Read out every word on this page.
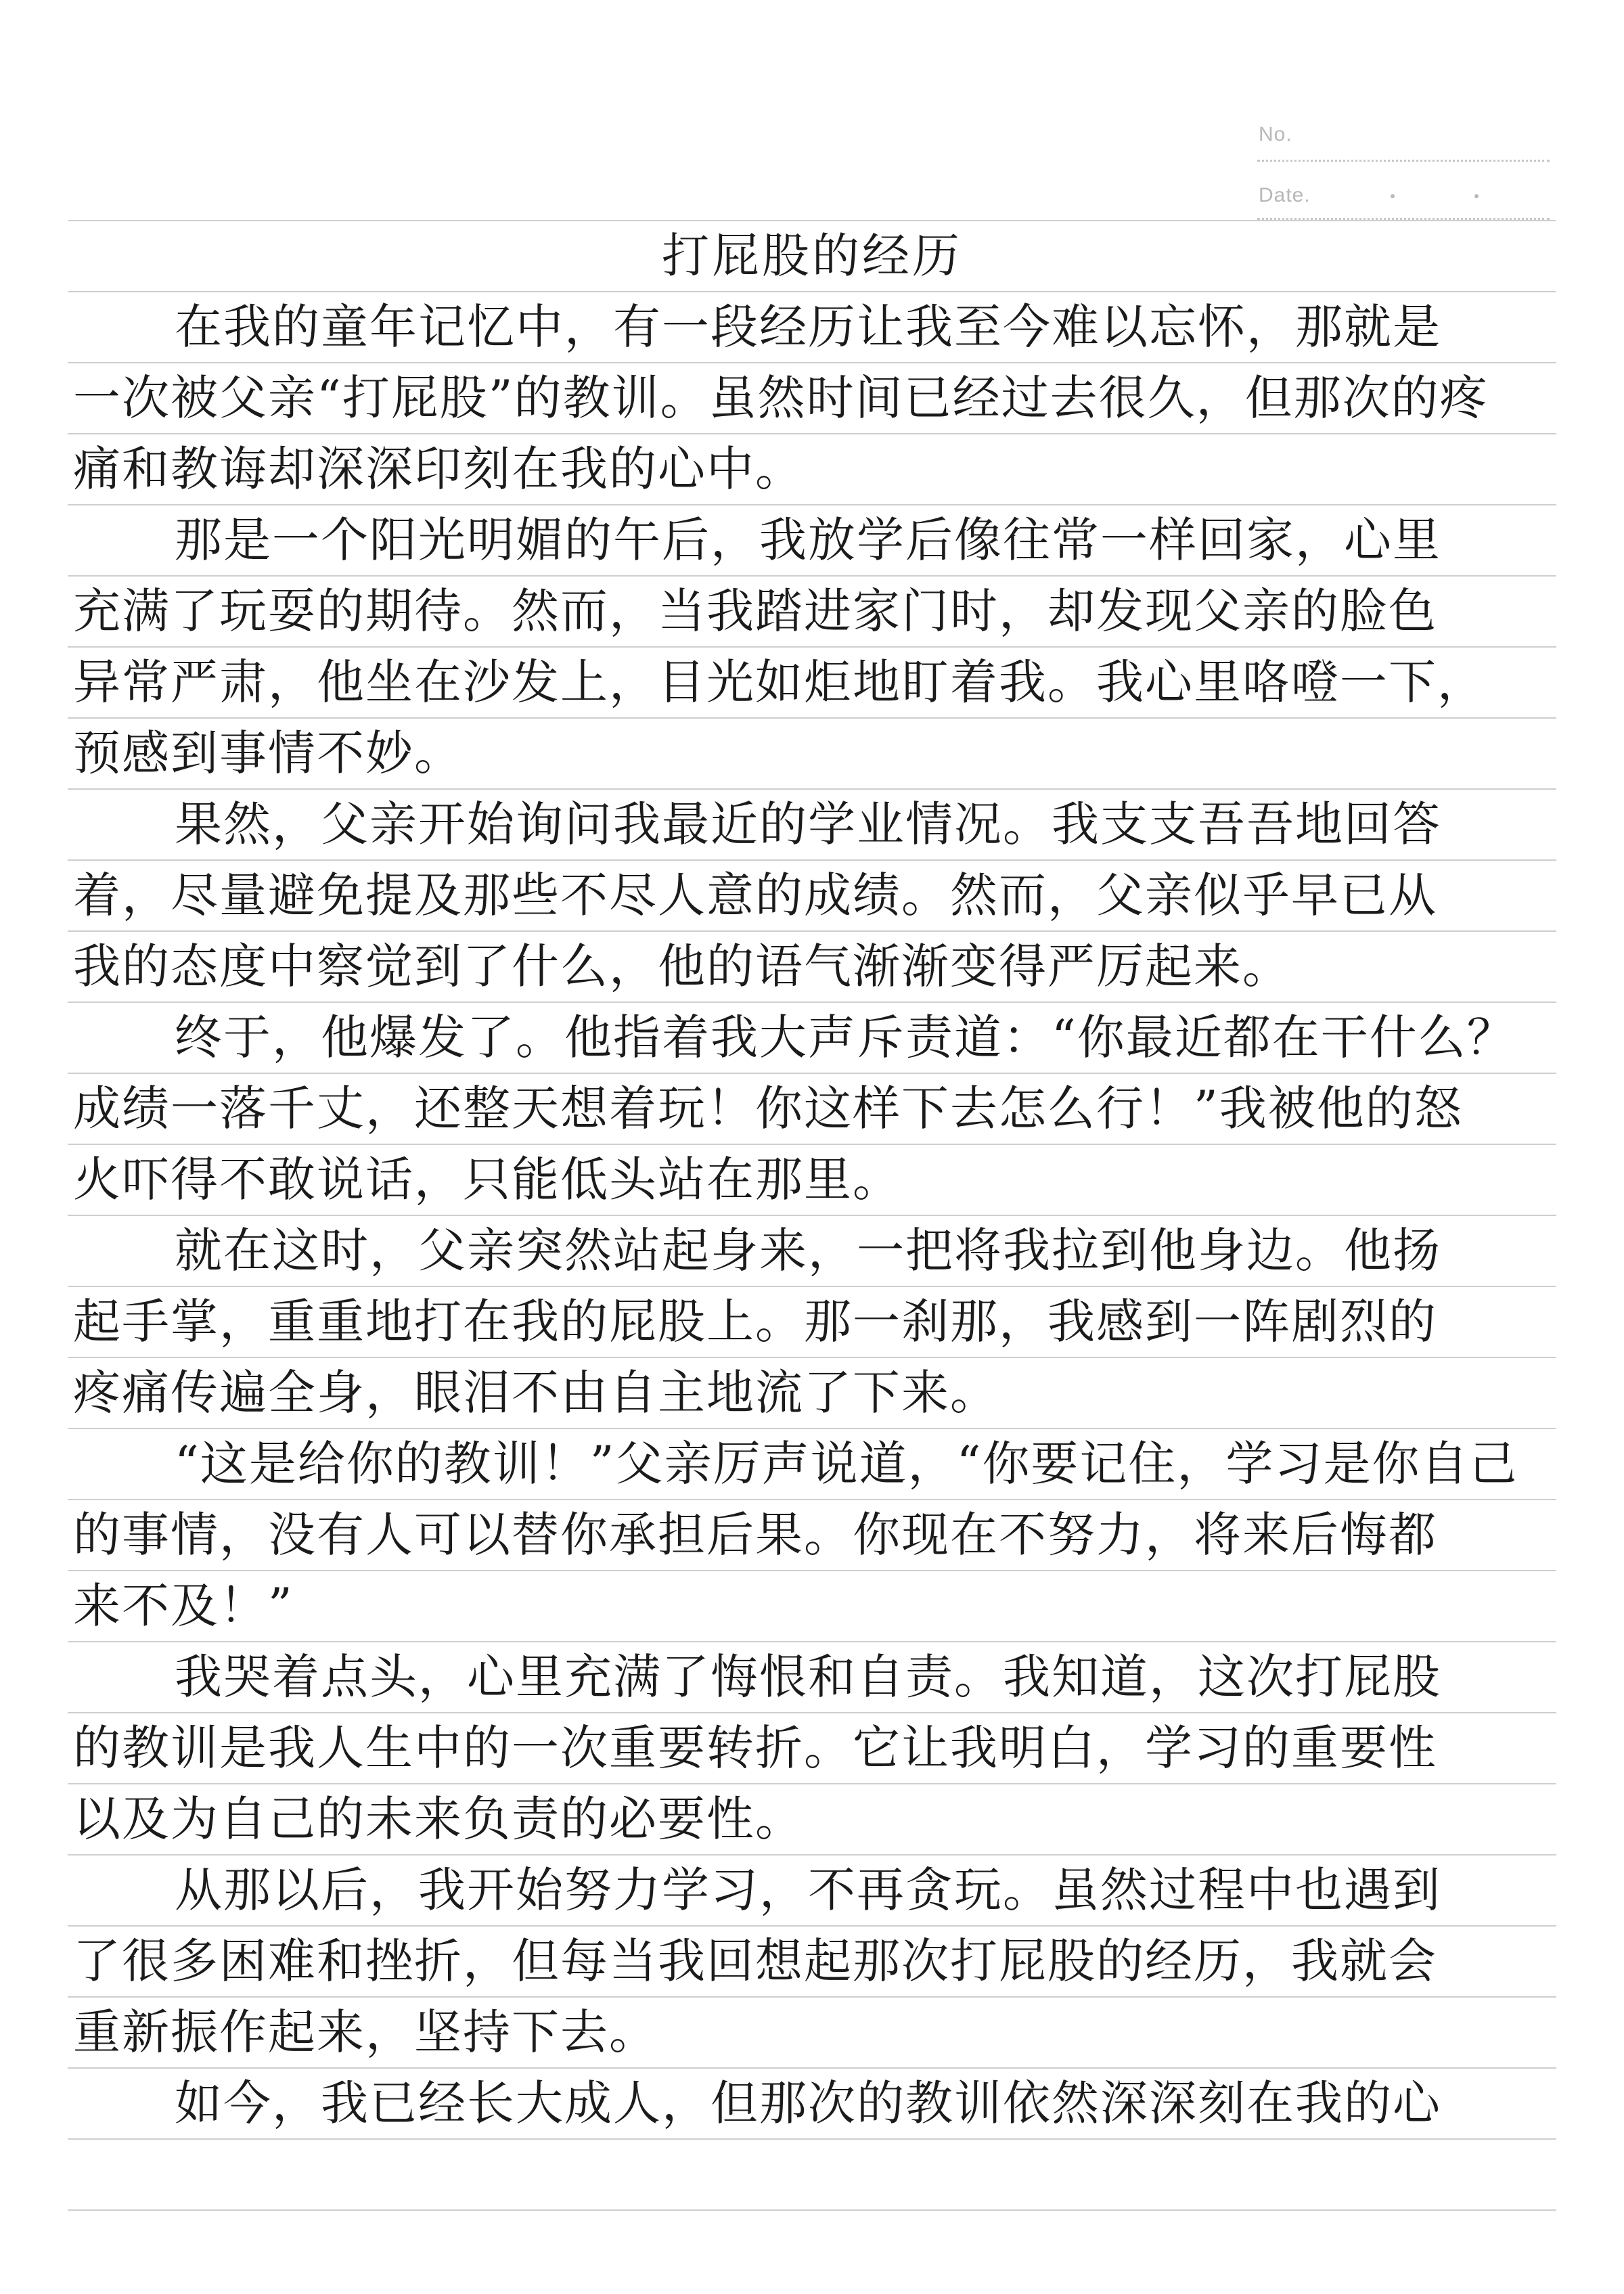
No.
Date.
打屁股的经历
在我的童年记忆中，有一段经历让我至今难以忘怀，那就是
一次被父亲“打屁股”的教训。虽然时间已经过去很久，但那次的疼
痛和教诲却深深印刻在我的心中。
那是一个阳光明媚的午后，我放学后像往常一样回家，心里
充满了玩耍的期待。然而，当我踏进家门时，却发现父亲的脸色
异常严肃，他坐在沙发上，目光如炬地盯着我。我心里咯噔一下，
预感到事情不妙。
果然，父亲开始询问我最近的学业情况。我支支吾吾地回答
着，尽量避免提及那些不尽人意的成绩。然而，父亲似乎早已从
我的态度中察觉到了什么，他的语气渐渐变得严厉起来。
终于，他爆发了。他指着我大声斥责道：“你最近都在干什么？
成绩一落千丈，还整天想着玩！你这样下去怎么行！”我被他的怒
火吓得不敢说话，只能低头站在那里。
就在这时，父亲突然站起身来，一把将我拉到他身边。他扬
起手掌，重重地打在我的屁股上。那一刹那，我感到一阵剧烈的
疼痛传遍全身，眼泪不由自主地流了下来。
“这是给你的教训！”父亲厉声说道，“你要记住，学习是你自己
的事情，没有人可以替你承担后果。你现在不努力，将来后悔都
来不及！”
我哭着点头，心里充满了悔恨和自责。我知道，这次打屁股
的教训是我人生中的一次重要转折。它让我明白，学习的重要性
以及为自己的未来负责的必要性。
从那以后，我开始努力学习，不再贪玩。虽然过程中也遇到
了很多困难和挫折，但每当我回想起那次打屁股的经历，我就会
重新振作起来，坚持下去。
如今，我已经长大成人，但那次的教训依然深深刻在我的心
